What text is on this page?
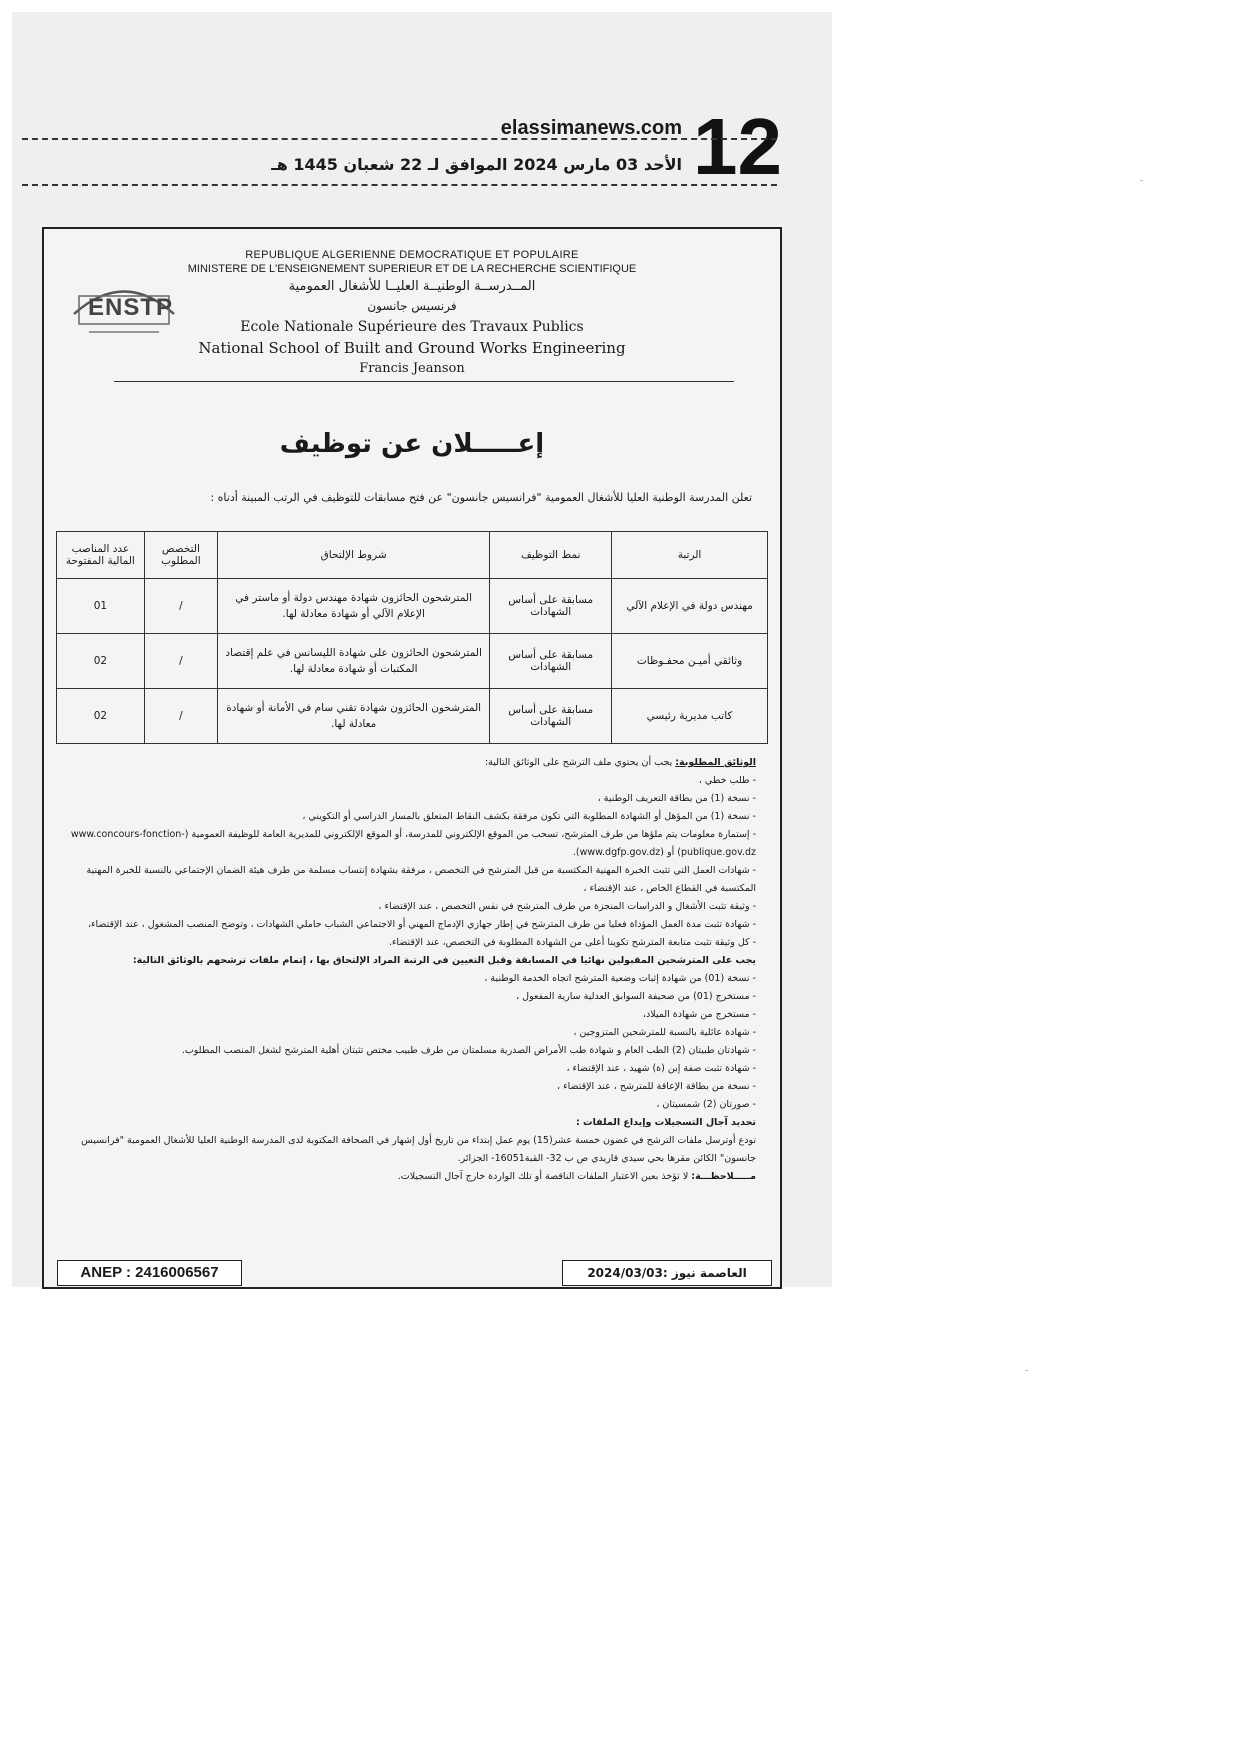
12
elassimanews.com
الأحد 03 مارس 2024 الموافق لـ 22 شعبان 1445 هـ
ENSTP
REPUBLIQUE ALGERIENNE DEMOCRATIQUE ET POPULAIRE
MINISTERE DE L'ENSEIGNEMENT SUPERIEUR ET DE LA RECHERCHE SCIENTIFIQUE
المــدرســة الوطنيــة العليــا للأشغال العمومية
فرنسيس جانسون
Ecole Nationale Supérieure des Travaux Publics
National School of Built and Ground Works Engineering
Francis Jeanson
إعـــــلان عن توظيف
تعلن المدرسة الوطنية العليا للأشغال العمومية "فرانسيس جانسون" عن فتح مسابقات للتوظيف في الرتب المبينة أدناه :
الرتبة	نمط التوظيف	شروط الإلتحاق	التخصص المطلوب	عدد المناصب المالية المفتوحة
مهندس دولة في الإعلام الآلي	مسابقة على أساس الشهادات	المترشحون الحائزون شهادة مهندس دولة أو ماستر في الإعلام الآلي أو شهادة معادلة لها.	/	01
وثائقي أميـن محفـوظات	مسابقة على أساس الشهادات	المترشحون الحائزون على شهادة الليسانس في علم إقتصاد المكتبات أو شهادة معادلة لها.	/	02
كاتب مديرية رئيسي	مسابقة على أساس الشهادات	المترشحون الحائزون شهادة تقني سام في الأمانة أو شهادة معادلة لها.	/	02

الوثائق المطلوبة: يجب أن يحتوي ملف الترشح على الوثائق التالية:

- طلب خطي ،

- نسخة (1) من بطاقة التعريف الوطنية ،

- نسخة (1) من المؤهل أو الشهادة المطلوبة التي تكون مرفقة بكشف النقاط المتعلق بالمسار الدراسي أو التكويني ،

- إستمارة معلومات يتم ملؤها من طرف المترشح، تسحب من الموقع الإلكتروني للمدرسة، أو الموقع الإلكتروني للمديرية العامة للوظيفة العمومية (www.concours-fonction-publique.gov.dz) أو (www.dgfp.gov.dz).

- شهادات العمل التي تثبت الخبرة المهنية المكتسبة من قبل المترشح في التخصص ، مرفقة بشهادة إنتساب مسلمة من طرف هيئة الضمان الإجتماعي بالنسبة للخبرة المهنية المكتسبة في القطاع الخاص ، عند الإقتضاء ،

- وثيقة تثبت الأشغال و الدراسات المنجزة من طرف المترشح في نفس التخصص ، عند الإقتضاء ،

- شهادة تثبت مدة العمل المؤداة فعليا من طرف المترشح في إطار جهازي الإدماج المهني أو الاجتماعي الشباب حاملي الشهادات ، وتوضح المنصب المشغول ، عند الإقتضاء،

- كل وثيقة تثبت متابعة المترشح تكوينا أعلى من الشهادة المطلوبة في التخصص، عند الإقتضاء.

يجب على المترشحين المقبولين نهائيا في المسابقة وقبل التعيين في الرتبة المراد الإلتحاق بها ، إتمام ملفات ترشحهم بالوثائق التالية:

- نسخة (01) من شهادة إثبات وضعية المترشح اتجاه الخدمة الوطنية ،

- مستخرج (01) من صحيفة السوابق العدلية سارية المفعول ،

- مستخرج من شهادة الميلاد،

- شهادة عائلية بالنسبة للمترشحين المتزوجين ،

- شهادتان طبيتان (2) الطب العام و شهادة طب الأمراض الصدرية مسلمتان من طرف طبيب مختص تثبتان أهلية المترشح لشغل المنصب المطلوب.

- شهادة تثبت صفة إبن (ة) شهيد ، عند الإقتضاء ،

- نسخة من بطاقة الإعاقة للمترشح ، عند الإقتضاء ،

- صورتان (2) شمسيتان ،

تحديد آجال التسجيلات وإيداع الملفات :

تودع أوترسل ملفات الترشح في غضون خمسة عشر(15) يوم عمل إبتداء من تاريخ أول إشهار في الصحافة المكتوبة لدى المدرسة الوطنية العليا للأشغال العمومية "فرانسيس جانسون" الكائن مقرها بحي سيدي قاريدي ص ب 32- القبة16051- الجزائر.

مـــــلاحظـــة: لا تؤخذ بعين الاعتبار الملفات الناقصة أو تلك الواردة خارج آجال التسجيلات.

ANEP : 2416006567	العاصمة نيوز :2024/03/03
